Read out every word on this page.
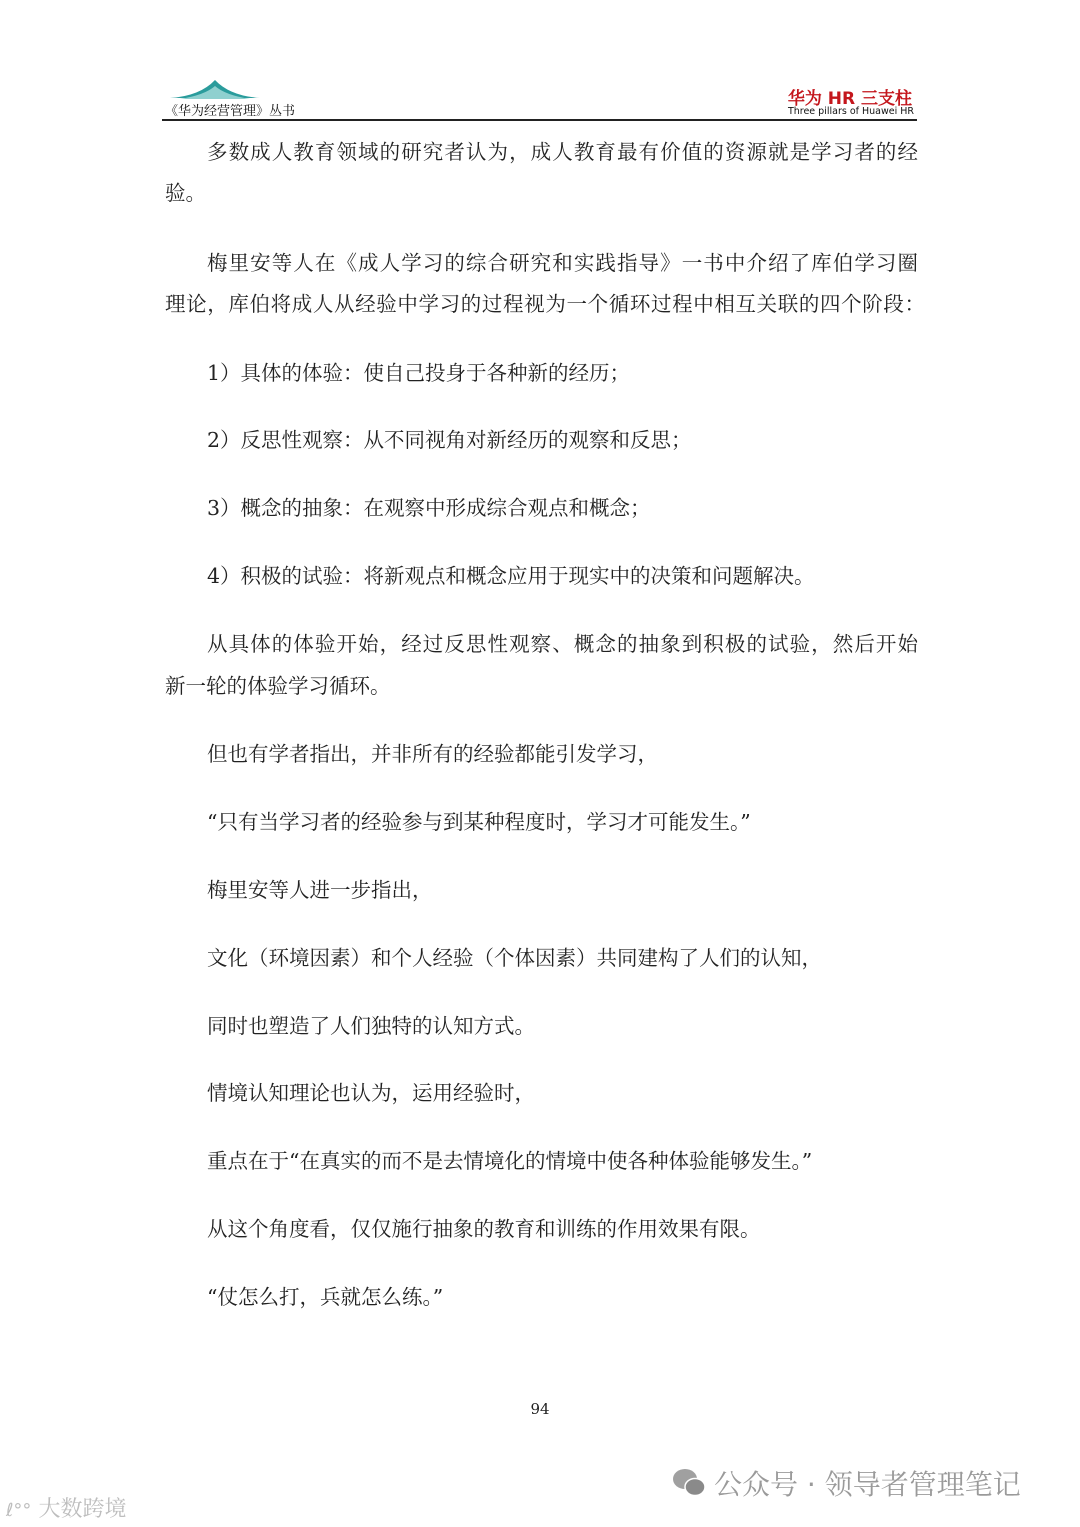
《华为经营管理》丛书
华为 HR 三支柱
Three pillars of Huawei HR
多数成人教育领域的研究者认为，成人教育最有价值的资源就是学习者的经
验。
梅里安等人在《成人学习的综合研究和实践指导》一书中介绍了库伯学习圈
理论，库伯将成人从经验中学习的过程视为一个循环过程中相互关联的四个阶段：
1）具体的体验：使自己投身于各种新的经历；
2）反思性观察：从不同视角对新经历的观察和反思；
3）概念的抽象：在观察中形成综合观点和概念；
4）积极的试验：将新观点和概念应用于现实中的决策和问题解决。
从具体的体验开始，经过反思性观察、概念的抽象到积极的试验，然后开始
新一轮的体验学习循环。
但也有学者指出，并非所有的经验都能引发学习，
“只有当学习者的经验参与到某种程度时，学习才可能发生。”
梅里安等人进一步指出，
文化（环境因素）和个人经验（个体因素）共同建构了人们的认知，
同时也塑造了人们独特的认知方式。
情境认知理论也认为，运用经验时，
重点在于“在真实的而不是去情境化的情境中使各种体验能够发生。”
从这个角度看，仅仅施行抽象的教育和训练的作用效果有限。
“仗怎么打，兵就怎么练。”
94
公众号 · 领导者管理笔记
ℓ°° 大数跨境
